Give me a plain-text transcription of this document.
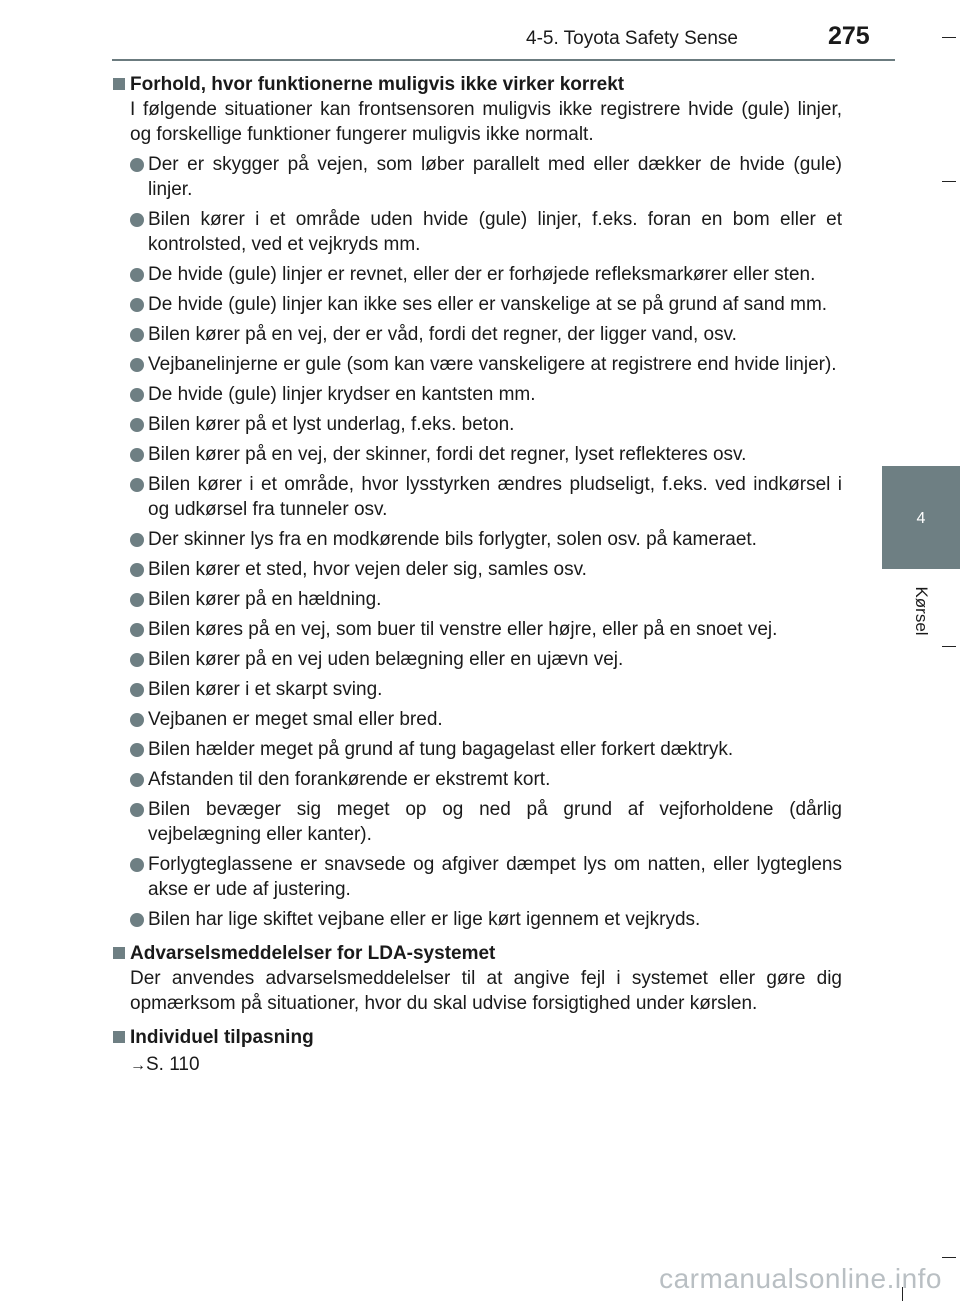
4-5. Toyota Safety Sense	275
4
Kørsel
Forhold, hvor funktionerne muligvis ikke virker korrekt
I følgende situationer kan frontsensoren muligvis ikke registrere hvide (gule) linjer, og forskellige funktioner fungerer muligvis ikke normalt.
Der er skygger på vejen, som løber parallelt med eller dækker de hvide (gule) linjer.
Bilen kører i et område uden hvide (gule) linjer, f.eks. foran en bom eller et kontrolsted, ved et vejkryds mm.
De hvide (gule) linjer er revnet, eller der er forhøjede refleksmarkører eller sten.
De hvide (gule) linjer kan ikke ses eller er vanskelige at se på grund af sand mm.
Bilen kører på en vej, der er våd, fordi det regner, der ligger vand, osv.
Vejbanelinjerne er gule (som kan være vanskeligere at registrere end hvide linjer).
De hvide (gule) linjer krydser en kantsten mm.
Bilen kører på et lyst underlag, f.eks. beton.
Bilen kører på en vej, der skinner, fordi det regner, lyset reflekteres osv.
Bilen kører i et område, hvor lysstyrken ændres pludseligt, f.eks. ved indkørsel i og udkørsel fra tunneler osv.
Der skinner lys fra en modkørende bils forlygter, solen osv. på kameraet.
Bilen kører et sted, hvor vejen deler sig, samles osv.
Bilen kører på en hældning.
Bilen køres på en vej, som buer til venstre eller højre, eller på en snoet vej.
Bilen kører på en vej uden belægning eller en ujævn vej.
Bilen kører i et skarpt sving.
Vejbanen er meget smal eller bred.
Bilen hælder meget på grund af tung bagagelast eller forkert dæktryk.
Afstanden til den forankørende er ekstremt kort.
Bilen bevæger sig meget op og ned på grund af vejforholdene (dårlig vejbelægning eller kanter).
Forlygteglassene er snavsede og afgiver dæmpet lys om natten, eller lygteglens akse er ude af justering.
Bilen har lige skiftet vejbane eller er lige kørt igennem et vejkryds.
Advarselsmeddelelser for LDA-systemet
Der anvendes advarselsmeddelelser til at angive fejl i systemet eller gøre dig opmærksom på situationer, hvor du skal udvise forsigtighed under kørslen.
Individuel tilpasning
→S. 110
carmanualsonline.info
